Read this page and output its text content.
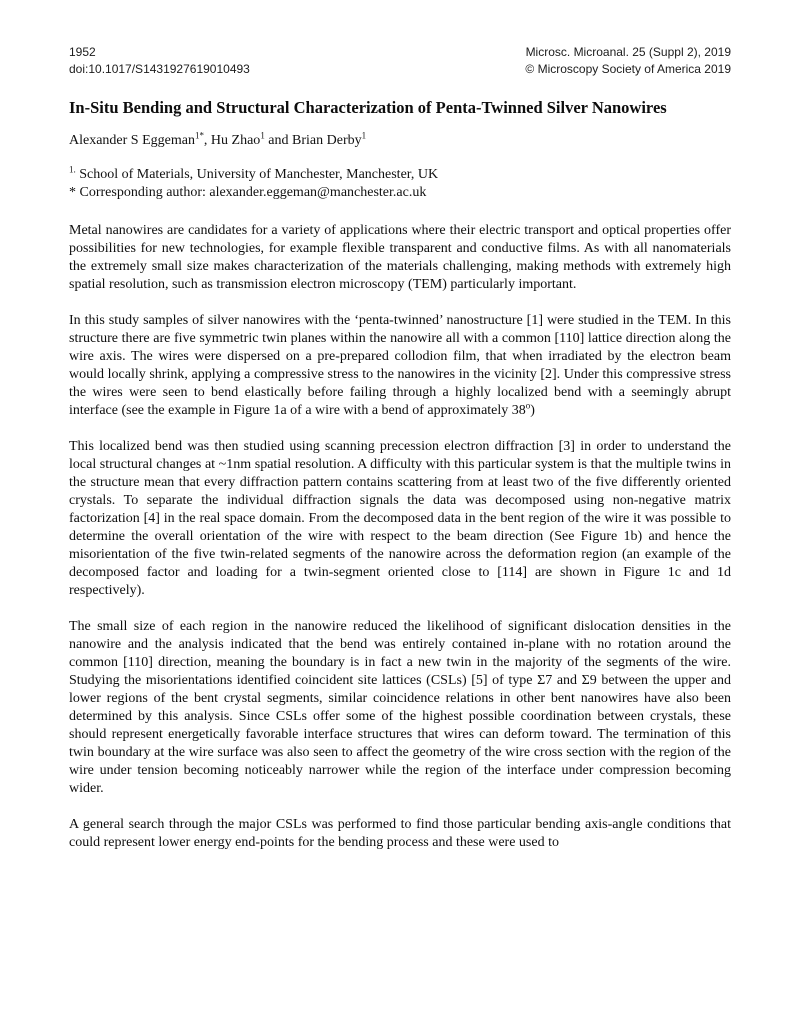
1952
doi:10.1017/S1431927619010493
Microsc. Microanal. 25 (Suppl 2), 2019
© Microscopy Society of America 2019
In-Situ Bending and Structural Characterization of Penta-Twinned Silver Nanowires
Alexander S Eggeman$^{1*}$, Hu Zhao$^1$ and Brian Derby$^1$
$^{1.}$ School of Materials, University of Manchester, Manchester, UK
* Corresponding author: alexander.eggeman@manchester.ac.uk

Metal nanowires are candidates for a variety of applications where their electric transport and optical properties offer possibilities for new technologies, for example flexible transparent and conductive films. As with all nanomaterials the extremely small size makes characterization of the materials challenging, making methods with extremely high spatial resolution, such as transmission electron microscopy (TEM) particularly important.

In this study samples of silver nanowires with the ‘penta-twinned’ nanostructure [1] were studied in the TEM. In this structure there are five symmetric twin planes within the nanowire all with a common [110] lattice direction along the wire axis. The wires were dispersed on a pre-prepared collodion film, that when irradiated by the electron beam would locally shrink, applying a compressive stress to the nanowires in the vicinity [2]. Under this compressive stress the wires were seen to bend elastically before failing through a highly localized bend with a seemingly abrupt interface (see the example in Figure 1a of a wire with a bend of approximately 38$^o$)

This localized bend was then studied using scanning precession electron diffraction [3] in order to understand the local structural changes at ~1nm spatial resolution. A difficulty with this particular system is that the multiple twins in the structure mean that every diffraction pattern contains scattering from at least two of the five differently oriented crystals. To separate the individual diffraction signals the data was decomposed using non-negative matrix factorization [4] in the real space domain. From the decomposed data in the bent region of the wire it was possible to determine the overall orientation of the wire with respect to the beam direction (See Figure 1b) and hence the misorientation of the five twin-related segments of the nanowire across the deformation region (an example of the decomposed factor and loading for a twin-segment oriented close to [114] are shown in Figure 1c and 1d respectively).

The small size of each region in the nanowire reduced the likelihood of significant dislocation densities in the nanowire and the analysis indicated that the bend was entirely contained in-plane with no rotation around the common [110] direction, meaning the boundary is in fact a new twin in the majority of the segments of the wire. Studying the misorientations identified coincident site lattices (CSLs) [5] of type Σ7 and Σ9 between the upper and lower regions of the bent crystal segments, similar coincidence relations in other bent nanowires have also been determined by this analysis. Since CSLs offer some of the highest possible coordination between crystals, these should represent energetically favorable interface structures that wires can deform toward. The termination of this twin boundary at the wire surface was also seen to affect the geometry of the wire cross section with the region of the wire under tension becoming noticeably narrower while the region of the interface under compression becoming wider.

A general search through the major CSLs was performed to find those particular bending axis-angle conditions that could represent lower energy end-points for the bending process and these were used to
